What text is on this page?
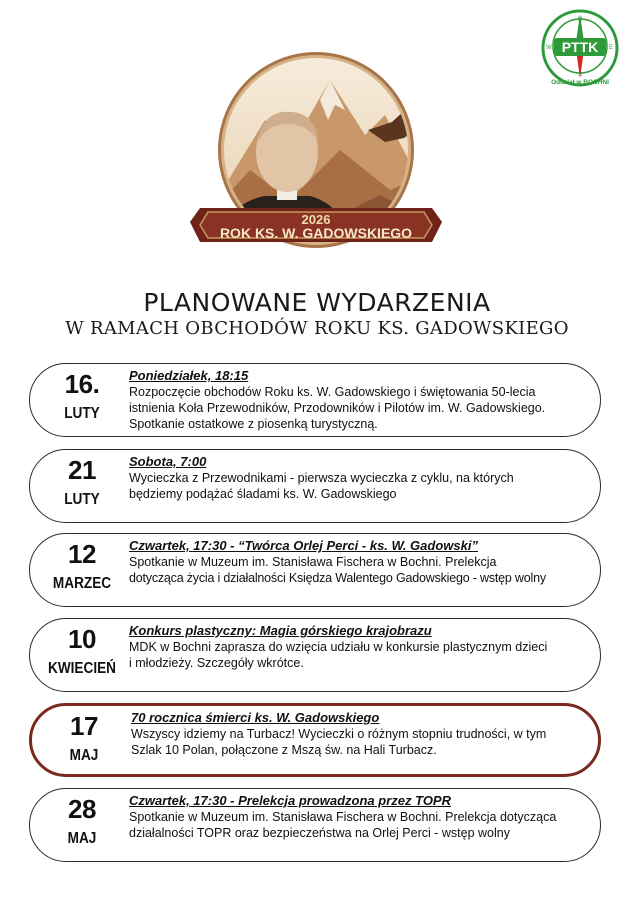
PTTK
N
E
S
W
Oddział w BOCHNI
2026
ROK KS. W. GADOWSKIEGO
PLANOWANE WYDARZENIA
W RAMACH OBCHODÓW ROKU KS. GADOWSKIEGO
16.
LUTY
Poniedziałek, 18:15
Rozpoczęcie obchodów Roku ks. W. Gadowskiego i świętowania 50-lecia
istnienia Koła Przewodników, Przodowników i Pilotów im. W. Gadowskiego.
Spotkanie ostatkowe z piosenką turystyczną.
21
LUTY
Sobota, 7:00
Wycieczka z Przewodnikami - pierwsza wycieczka z cyklu, na których
będziemy podążać śladami ks. W. Gadowskiego
12
MARZEC
Czwartek, 17:30 - “Twórca Orlej Perci - ks. W. Gadowski”
Spotkanie w Muzeum im. Stanisława Fischera w Bochni. Prelekcja
dotycząca życia i działalności Księdza Walentego Gadowskiego - wstęp wolny
10
KWIECIEŃ
Konkurs plastyczny: Magia górskiego krajobrazu
MDK w Bochni zaprasza do wzięcia udziału w konkursie plastycznym dzieci
i młodzieży. Szczegóły wkrótce.
17
MAJ
70 rocznica śmierci ks. W. Gadowskiego
Wszyscy idziemy na Turbacz! Wycieczki o różnym stopniu trudności, w tym
Szlak 10 Polan, połączone z Mszą św. na Hali Turbacz.
28
MAJ
Czwartek, 17:30 - Prelekcja prowadzona przez TOPR
Spotkanie w Muzeum im. Stanisława Fischera w Bochni. Prelekcja dotycząca
działalności TOPR oraz bezpieczeństwa na Orlej Perci - wstęp wolny
